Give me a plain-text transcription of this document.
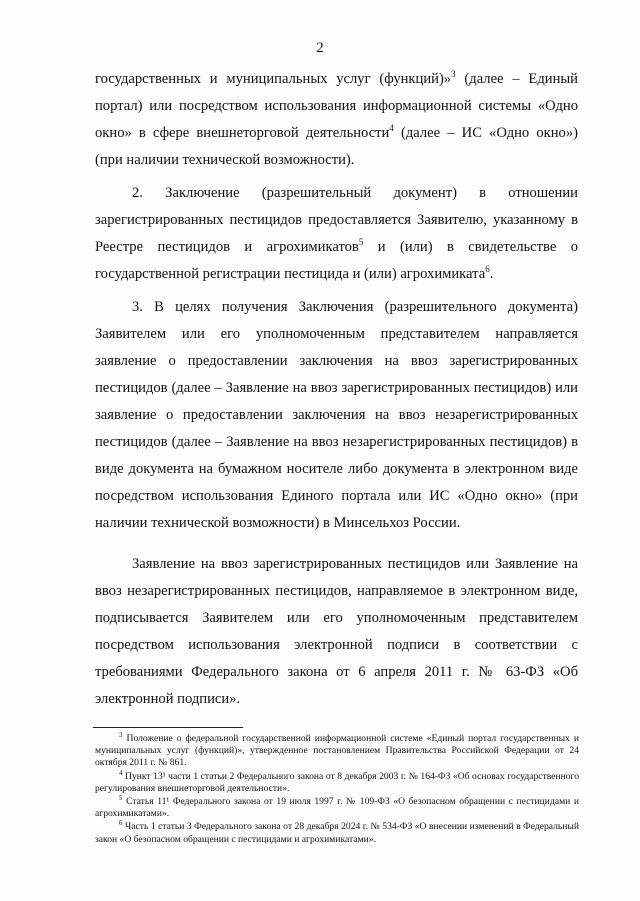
2

государственных и муниципальных услуг (функций)»$^3$ (далее – Единый портал) или посредством использования информационной системы «Одно окно» в сфере внешнеторговой деятельности$^4$ (далее – ИС «Одно окно») (при наличии технической возможности).

2. Заключение (разрешительный документ) в отношении зарегистрированных пестицидов предоставляется Заявителю, указанному в Реестре пестицидов и агрохимикатов$^5$ и (или) в свидетельстве о государственной регистрации пестицида и (или) агрохимиката$^6$.

3. В целях получения Заключения (разрешительного документа) Заявителем или его уполномоченным представителем направляется заявление о предоставлении заключения на ввоз зарегистрированных пестицидов (далее – Заявление на ввоз зарегистрированных пестицидов) или заявление о предоставлении заключения на ввоз незарегистрированных пестицидов (далее – Заявление на ввоз незарегистрированных пестицидов) в виде документа на бумажном носителе либо документа в электронном виде посредством использования Единого портала или ИС «Одно окно» (при наличии технической возможности) в Минсельхоз России.

Заявление на ввоз зарегистрированных пестицидов или Заявление на ввоз незарегистрированных пестицидов, направляемое в электронном виде, подписывается Заявителем или его уполномоченным представителем посредством использования электронной подписи в соответствии с требованиями Федерального закона от 6 апреля 2011 г. № 63-ФЗ «Об электронной подписи».

$^3$ Положение о федеральной государственной информационной системе «Единый портал государственных и муниципальных услуг (функций)», утвержденное постановлением Правительства Российской Федерации от 24 октября 2011 г. № 861.

$^4$ Пункт 13¹ части 1 статьи 2 Федерального закона от 8 декабря 2003 г. № 164-ФЗ «Об основах государственного регулирования внешнеторговой деятельности».

$^5$ Статья 11¹ Федерального закона от 19 июля 1997 г. № 109-ФЗ «О безопасном обращении с пестицидами и агрохимикатами».

$^6$ Часть 1 статьи 3 Федерального закона от 28 декабря 2024 г. № 534-ФЗ «О внесении изменений в Федеральный закон «О безопасном обращении с пестицидами и агрохимикатами».
